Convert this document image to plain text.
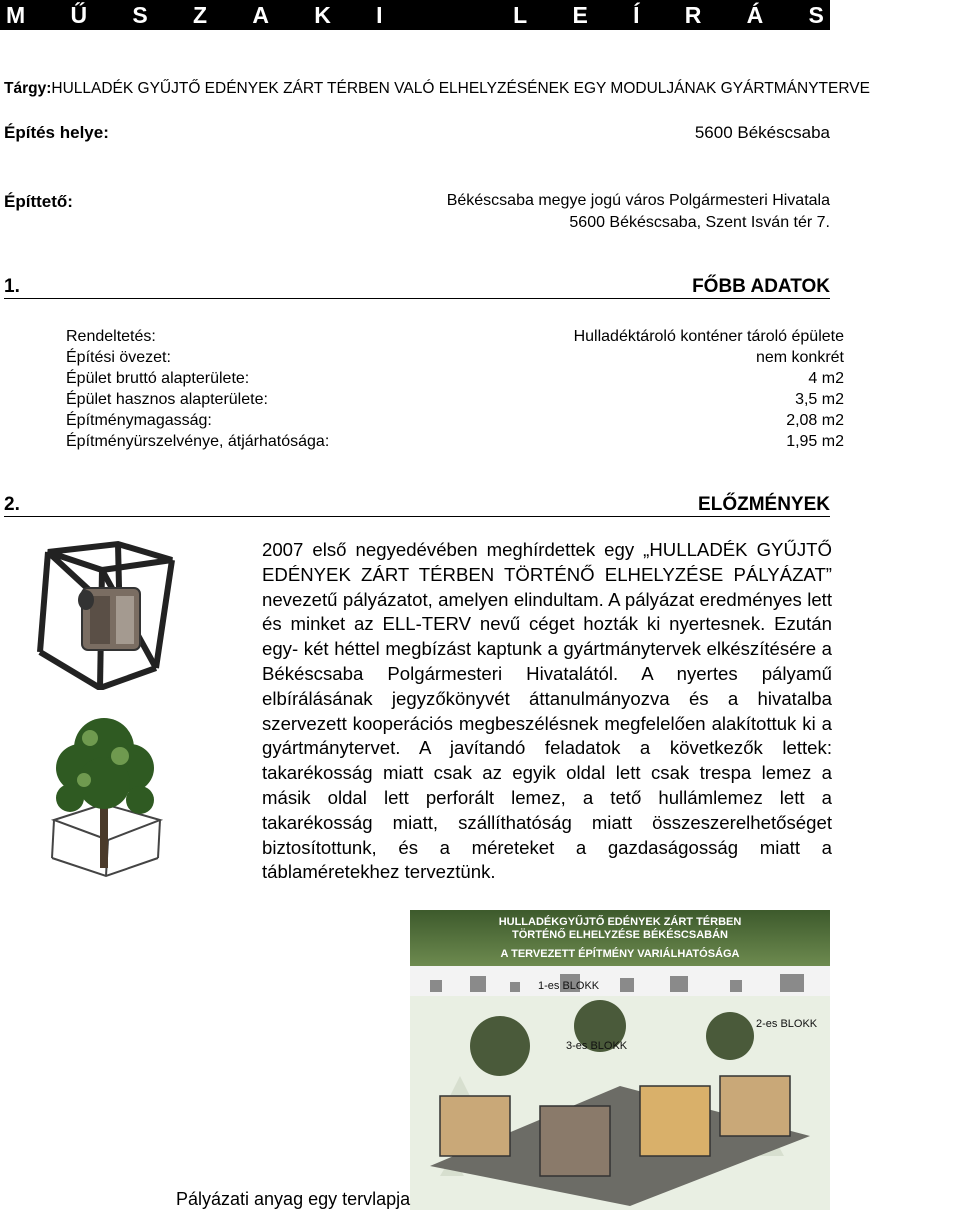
M Ű S Z A K I	L E Í R Á S
Tárgy:HULLADÉK GYŰJTŐ EDÉNYEK ZÁRT TÉRBEN VALÓ ELHELYZÉSÉNEK EGY MODULJÁNAK GYÁRTMÁNYTERVE
Építés helye:	5600 Békéscsaba
Építtető:	Békéscsaba megye jogú város Polgármesteri Hivatala
5600 Békéscsaba, Szent Isván tér 7.
1.	FŐBB ADATOK
Rendeltetés:	Hulladéktároló konténer tároló épülete
Építési övezet:	nem konkrét
Épület bruttó alapterülete:	4 m2
Épület hasznos alapterülete:	3,5 m2
Építménymagasság:	2,08 m2
Építményürszelvénye, átjárhatósága:	1,95 m2
2.	ELŐZMÉNYEK
2007 első negyedévében meghírdettek egy „HULLADÉK GYŰJTŐ EDÉNYEK ZÁRT TÉRBEN TÖRTÉNŐ ELHELYZÉSE PÁLYÁZAT” nevezetű pályázatot, amelyen elindultam. A pályázat eredményes lett és minket az ELL-TERV nevű céget hozták ki nyertesnek. Ezután egy- két héttel megbízást kaptunk a gyártmánytervek elkészítésére a Békéscsaba Polgármesteri Hivatalától. A nyertes pályamű elbírálásának jegyzőkönyvét áttanulmányozva és a hivatalba szervezett kooperációs megbeszélésnek megfelelően alakítottuk ki a gyártmánytervet. A javítandó feladatok a következők lettek: takarékosság miatt csak az egyik oldal lett csak trespa lemez a másik oldal lett perforált lemez, a tető hullámlemez lett a takarékosság miatt, szállíthatóság miatt összeszerelhetőséget biztosítottunk, és a méreteket a gazdaságosság miatt a táblaméretekhez terveztünk.
HULLADÉKGYŰJTŐ EDÉNYEK ZÁRT TÉRBEN
TÖRTÉNŐ ELHELYZÉSE BÉKÉSCSABÁN
A TERVEZETT ÉPÍTMÉNY VARIÁLHATÓSÁGA
1-es BLOKK
2-es BLOKK
3-es BLOKK
Pályázati anyag egy tervlapja
